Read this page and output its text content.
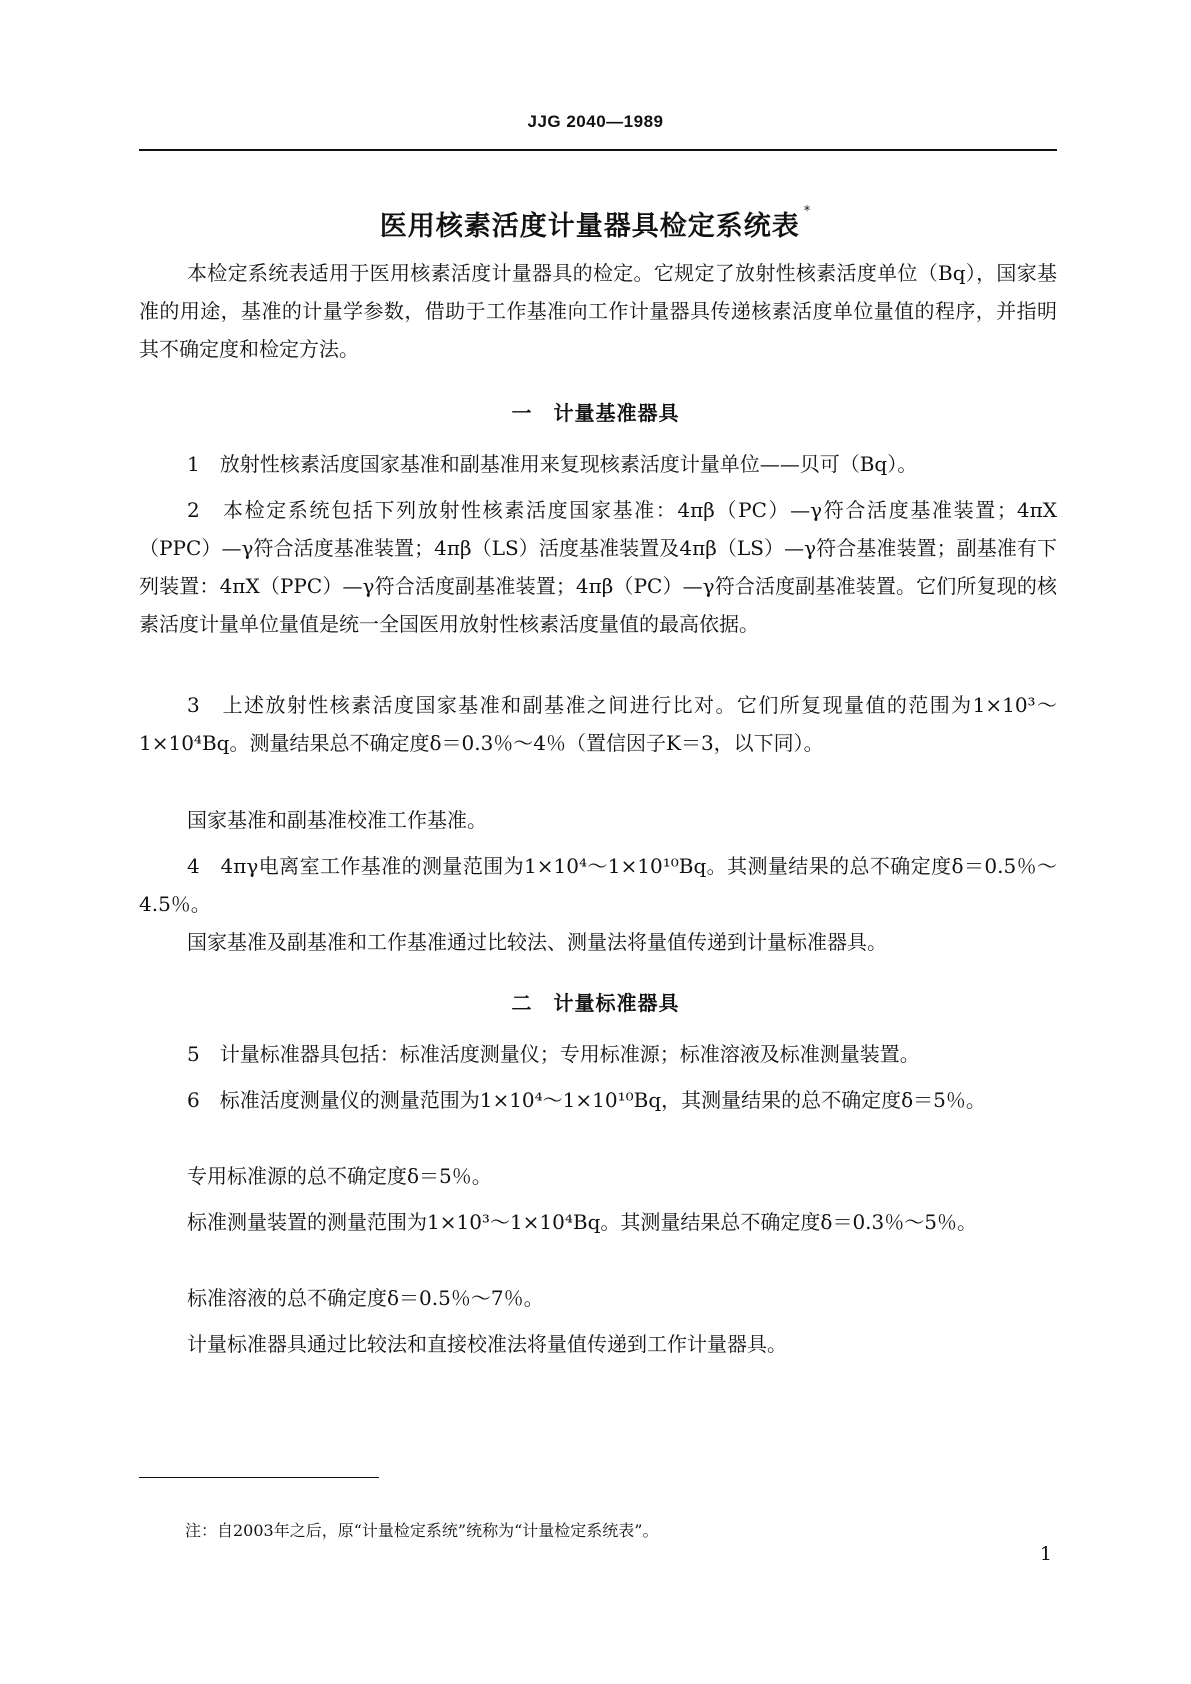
JJG 2040—1989
医用核素活度计量器具检定系统表 *
本检定系统表适用于医用核素活度计量器具的检定。它规定了放射性核素活度单位（Bq），国家基准的用途，基准的计量学参数，借助于工作基准向工作计量器具传递核素活度单位量值的程序，并指明其不确定度和检定方法。
一　计量基准器具
1　放射性核素活度国家基准和副基准用来复现核素活度计量单位——贝可（Bq）。
2　本检定系统包括下列放射性核素活度国家基准：4πβ（PC）—γ符合活度基准装置；4πX（PPC）—γ符合活度基准装置；4πβ（LS）活度基准装置及4πβ（LS）—γ符合基准装置；副基准有下列装置：4πX（PPC）—γ符合活度副基准装置；4πβ（PC）—γ符合活度副基准装置。它们所复现的核素活度计量单位量值是统一全国医用放射性核素活度量值的最高依据。
3　上述放射性核素活度国家基准和副基准之间进行比对。它们所复现量值的范围为1×10³～1×10⁴Bq。测量结果总不确定度δ＝0.3％～4％（置信因子K＝3，以下同）。
国家基准和副基准校准工作基准。
4　4πγ电离室工作基准的测量范围为1×10⁴～1×10¹⁰Bq。其测量结果的总不确定度δ＝0.5％～4.5％。
国家基准及副基准和工作基准通过比较法、测量法将量值传递到计量标准器具。
二　计量标准器具
5　计量标准器具包括：标准活度测量仪；专用标准源；标准溶液及标准测量装置。
6　标准活度测量仪的测量范围为1×10⁴～1×10¹⁰Bq，其测量结果的总不确定度δ＝5％。
专用标准源的总不确定度δ＝5％。
标准测量装置的测量范围为1×10³～1×10⁴Bq。其测量结果总不确定度δ＝0.3％～5％。
标准溶液的总不确定度δ＝0.5％～7％。
计量标准器具通过比较法和直接校准法将量值传递到工作计量器具。
注：自2003年之后，原“计量检定系统”统称为“计量检定系统表”。
1
